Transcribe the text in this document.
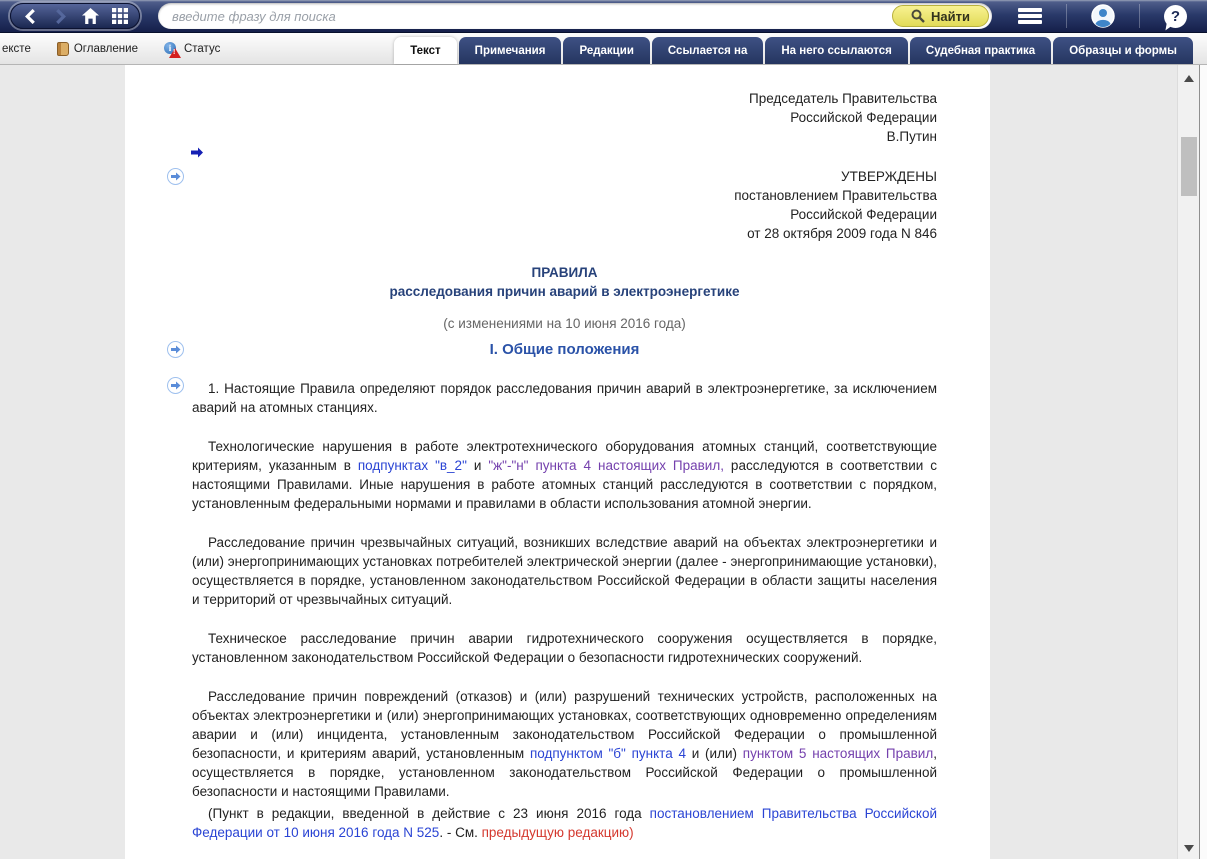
введите фразу для поиска
Найти	?
ексте	Оглавление	i !	Статус	Текст	Примечания	Редакции	Ссылается на	На него ссылаются	Судебная практика	Образцы и формы
Председатель Правительства
Российской Федерации
В.Путин
УТВЕРЖДЕНЫ
постановлением Правительства
Российской Федерации
от 28 октября 2009 года N 846
ПРАВИЛА
расследования причин аварий в электроэнергетике
(с изменениями на 10 июня 2016 года)
I. Общие положения

1. Настоящие Правила определяют порядок расследования причин аварий в электроэнергетике, за исключением аварий на атомных станциях.

Технологические нарушения в работе электротехнического оборудования атомных станций, соответствующие критериям, указанным в подпунктах "в_2" и "ж"-"н" пункта 4 настоящих Правил, расследуются в соответствии с настоящими Правилами. Иные нарушения в работе атомных станций расследуются в соответствии с порядком, установленным федеральными нормами и правилами в области использования атомной энергии.

Расследование причин чрезвычайных ситуаций, возникших вследствие аварий на объектах электроэнергетики и (или) энергопринимающих установках потребителей электрической энергии (далее - энергопринимающие установки), осуществляется в порядке, установленном законодательством Российской Федерации в области защиты населения и территорий от чрезвычайных ситуаций.

Техническое расследование причин аварии гидротехнического сооружения осуществляется в порядке, установленном законодательством Российской Федерации о безопасности гидротехнических сооружений.

Расследование причин повреждений (отказов) и (или) разрушений технических устройств, расположенных на объектах электроэнергетики и (или) энергопринимающих установках, соответствующих одновременно определениям аварии и (или) инцидента, установленным законодательством Российской Федерации о промышленной безопасности, и критериям аварий, установленным подпунктом "б" пункта 4 и (или) пунктом 5 настоящих Правил, осуществляется в порядке, установленном законодательством Российской Федерации о промышленной безопасности и настоящими Правилами.

(Пункт в редакции, введенной в действие с 23 июня 2016 года постановлением Правительства Российской Федерации от 10 июня 2016 года N 525. - См. предыдущую редакцию)
